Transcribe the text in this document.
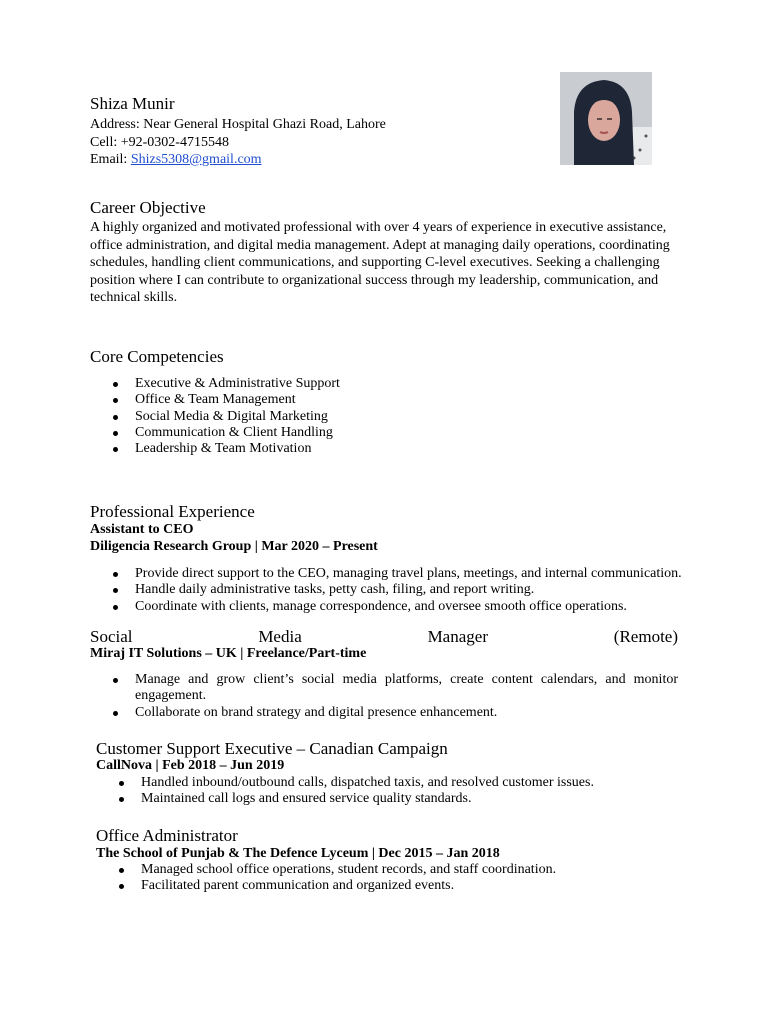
Shiza Munir
Address: Near General Hospital Ghazi Road, Lahore
Cell: +92-0302-4715548
Email: Shizs5308@gmail.com
Career Objective
A highly organized and motivated professional with over 4 years of experience in executive assistance, office administration, and digital media management. Adept at managing daily operations, coordinating schedules, handling client communications, and supporting C-level executives. Seeking a challenging position where I can contribute to organizational success through my leadership, communication, and technical skills.
Core Competencies
Executive & Administrative Support
Office & Team Management
Social Media & Digital Marketing
Communication & Client Handling
Leadership & Team Motivation
Professional Experience
Assistant to CEO
Diligencia Research Group | Mar 2020 – Present
Provide direct support to the CEO, managing travel plans, meetings, and internal communication.
Handle daily administrative tasks, petty cash, filing, and report writing.
Coordinate with clients, manage correspondence, and oversee smooth office operations.
Social	Media	Manager	(Remote)
Miraj IT Solutions – UK | Freelance/Part-time
Manage and grow client’s social media platforms, create content calendars, and monitor engagement.
Collaborate on brand strategy and digital presence enhancement.
Customer Support Executive – Canadian Campaign
CallNova | Feb 2018 – Jun 2019
Handled inbound/outbound calls, dispatched taxis, and resolved customer issues.
Maintained call logs and ensured service quality standards.
Office Administrator
The School of Punjab & The Defence Lyceum | Dec 2015 – Jan 2018
Managed school office operations, student records, and staff coordination.
Facilitated parent communication and organized events.
